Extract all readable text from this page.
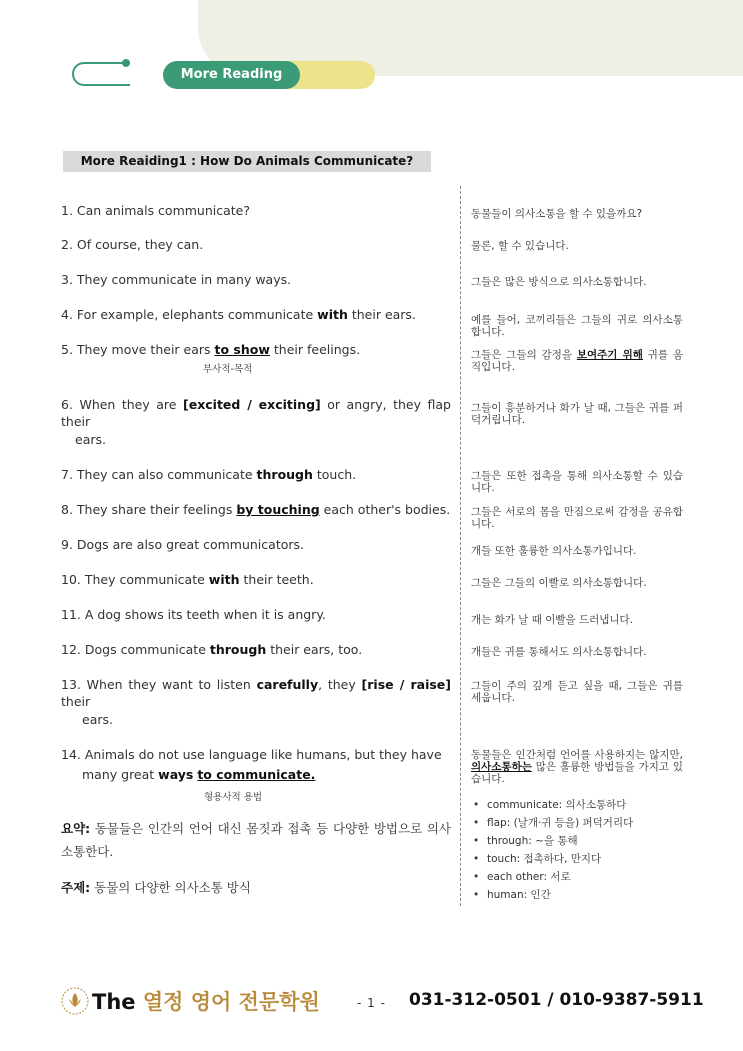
More Reading
More Reaiding1 : How Do Animals Communicate?
1. Can animals communicate?
2. Of course, they can.
3. They communicate in many ways.
4. For example, elephants communicate with their ears.
5. They move their ears to show their feelings.
부사적-목적
6. When they are [excited / exciting] or angry, they flap their
ears.
7. They can also communicate through touch.
8. They share their feelings by touching each other's bodies.
9. Dogs are also great communicators.
10. They communicate with their teeth.
11. A dog shows its teeth when it is angry.
12. Dogs communicate through their ears, too.
13. When they want to listen carefully, they [rise / raise] their
ears.
14. Animals do not use language like humans, but they have
many great ways to communicate.
형용사적 용법
동물들이 의사소통을 할 수 있을까요?
물론, 할 수 있습니다.
그들은 많은 방식으로 의사소통합니다.
예를 들어, 코끼리들은 그들의 귀로 의사소통합니다.
그들은 그들의 감정을 보여주기 위해 귀를 움직입니다.
그들이 흥분하거나 화가 날 때, 그들은 귀를 퍼덕거립니다.
그들은 또한 접촉을 통해 의사소통할 수 있습니다.
그들은 서로의 몸을 만짐으로써 감정을 공유합니다.
개들 또한 훌륭한 의사소통가입니다.
그들은 그들의 이빨로 의사소통합니다.
개는 화가 날 때 이빨을 드러냅니다.
개들은 귀를 통해서도 의사소통합니다.
그들이 주의 깊게 듣고 싶을 때, 그들은 귀를 세웁니다.
동물들은 인간처럼 언어를 사용하지는 않지만, 의사소통하는 많은 훌륭한 방법들을 가지고 있습니다.
요약: 동물들은 인간의 언어 대신 몸짓과 접촉 등 다양한 방법으로 의사소통한다.
주제: 동물의 다양한 의사소통 방식
• communicate: 의사소통하다
• flap: (날개·귀 등을) 퍼덕거리다
• through: ~을 통해
• touch: 접촉하다, 만지다
• each other: 서로
• human: 인간
The 열정 영어 전문학원	- 1 - 031-312-0501 / 010-9387-5911
